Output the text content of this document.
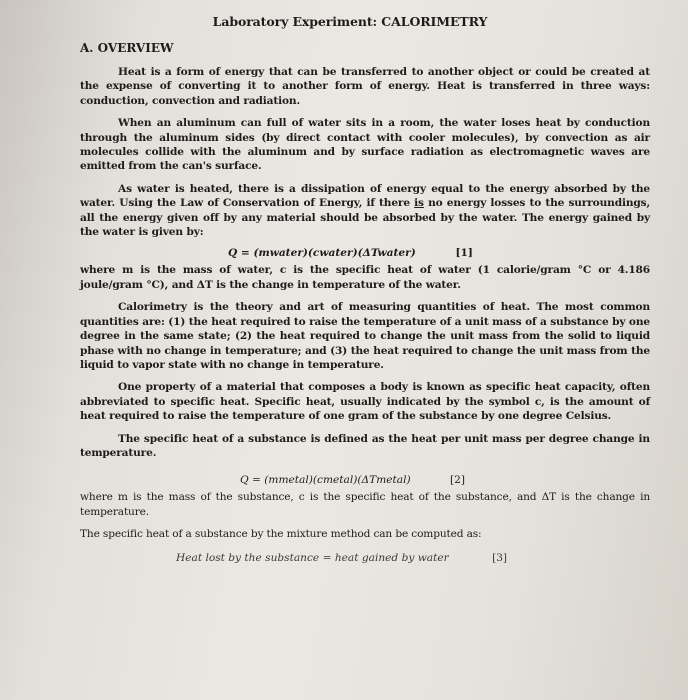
Laboratory Experiment: CALORIMETRY
A. OVERVIEW

Heat is a form of energy that can be transferred to another object or could be created at the expense of converting it to another form of energy. Heat is transferred in three ways: conduction, convection and radiation.

When an aluminum can full of water sits in a room, the water loses heat by conduction through the aluminum sides (by direct contact with cooler molecules), by convection as air molecules collide with the aluminum and by surface radiation as electromagnetic waves are emitted from the can's surface.

As water is heated, there is a dissipation of energy equal to the energy absorbed by the water. Using the Law of Conservation of Energy, if there is no energy losses to the surroundings, all the energy given off by any material should be absorbed by the water. The energy gained by the water is given by:

Q = (mwater)(cwater)(ΔTwater)	[1]

where m is the mass of water, c is the specific heat of water (1 calorie/gram °C or 4.186 joule/gram °C), and ΔT is the change in temperature of the water.

Calorimetry is the theory and art of measuring quantities of heat. The most common quantities are: (1) the heat required to raise the temperature of a unit mass of a substance by one degree in the same state; (2) the heat required to change the unit mass from the solid to liquid phase with no change in temperature; and (3) the heat required to change the unit mass from the liquid to vapor state with no change in temperature.

One property of a material that composes a body is known as specific heat capacity, often abbreviated to specific heat. Specific heat, usually indicated by the symbol c, is the amount of heat required to raise the temperature of one gram of the substance by one degree Celsius.

The specific heat of a substance is defined as the heat per unit mass per degree change in temperature.

Q = (mmetal)(cmetal)(ΔTmetal)	[2]

where m is the mass of the substance, c is the specific heat of the substance, and ΔT is the change in temperature.

The specific heat of a substance by the mixture method can be computed as:

Heat lost by the substance = heat gained by water	[3]
